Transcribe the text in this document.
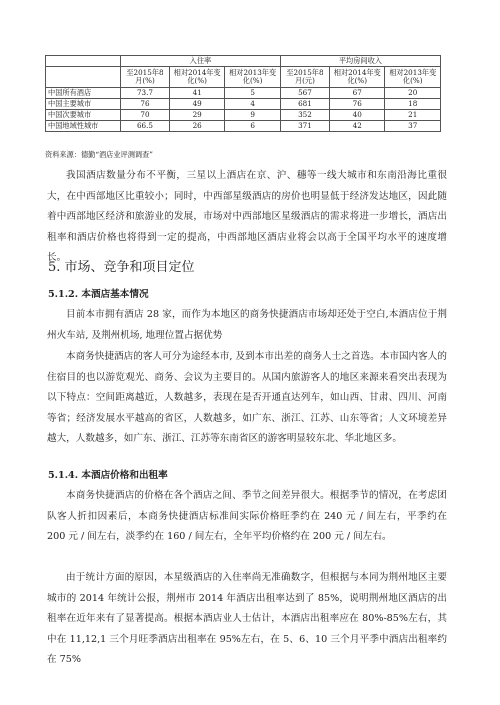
	入住率			平均房间收入		
	至2015年8月(%)	相对2014年变化(%)	相对2013年变化(%)	至2015年8月(元)	相对2014年变化(%)	相对2013年变化(%)
中国所有酒店	73.7	41	5	567	67	20
中国主要城市	76	49	4	681	76	18
中国次要城市	70	29	9	352	40	21
中国地域性城市	66.5	26	6	371	42	37
资料来源：德勤“酒店业评测调查”

我国酒店数量分布不平衡，三星以上酒店在京、沪、穗等一线大城市和东南沿海比重很大，在中西部地区比重较小；同时，中西部星级酒店的房价也明显低于经济发达地区，因此随着中西部地区经济和旅游业的发展，市场对中西部地区星级酒店的需求将进一步增长，酒店出租率和酒店价格也将得到一定的提高，中西部地区酒店业将会以高于全国平均水平的速度增长。

5. 市场、竞争和项目定位
5.1.2. 本酒店基本情况

目前本市拥有酒店 28 家，而作为本地区的商务快捷酒店市场却还处于空白,本酒店位于荆州火车站, 及荆州机场, 地理位置占据优势

本商务快捷酒店的客人可分为途经本市, 及到本市出差的商务人士之首选。本市国内客人的住宿目的也以游览观光、商务、会议为主要目的。从国内旅游客人的地区来源来看突出表现为以下特点：空间距离越近，人数越多，表现在是否开通直达列车，如山西、甘肃、四川、河南等省；经济发展水平越高的省区，人数越多，如广东、浙江、江苏、山东等省；人文环境差异越大，人数越多，如广东、浙江、江苏等东南省区的游客明显较东北、华北地区多。

5.1.4. 本酒店价格和出租率

本商务快捷酒店的价格在各个酒店之间、季节之间差异很大。根据季节的情况，在考虑团队客人折扣因素后，本商务快捷酒店标准间实际价格旺季约在 240 元 / 间左右，平季约在 200 元 / 间左右，淡季约在 160 / 间左右，全年平均价格约在 200 元 / 间左右。

由于统计方面的原因，本星级酒店的入住率尚无准确数字，但根据与本同为荆州地区主要城市的 2014 年统计公报，荆州市 2014 年酒店出租率达到了 85%，说明荆州地区酒店的出租率在近年来有了显著提高。根据本酒店业人士估计，本酒店出租率应在 80%-85%左右，其中在 11,12,1 三个月旺季酒店出租率在 95%左右，在 5、6、10 三个月平季中酒店出租率约在 75%
